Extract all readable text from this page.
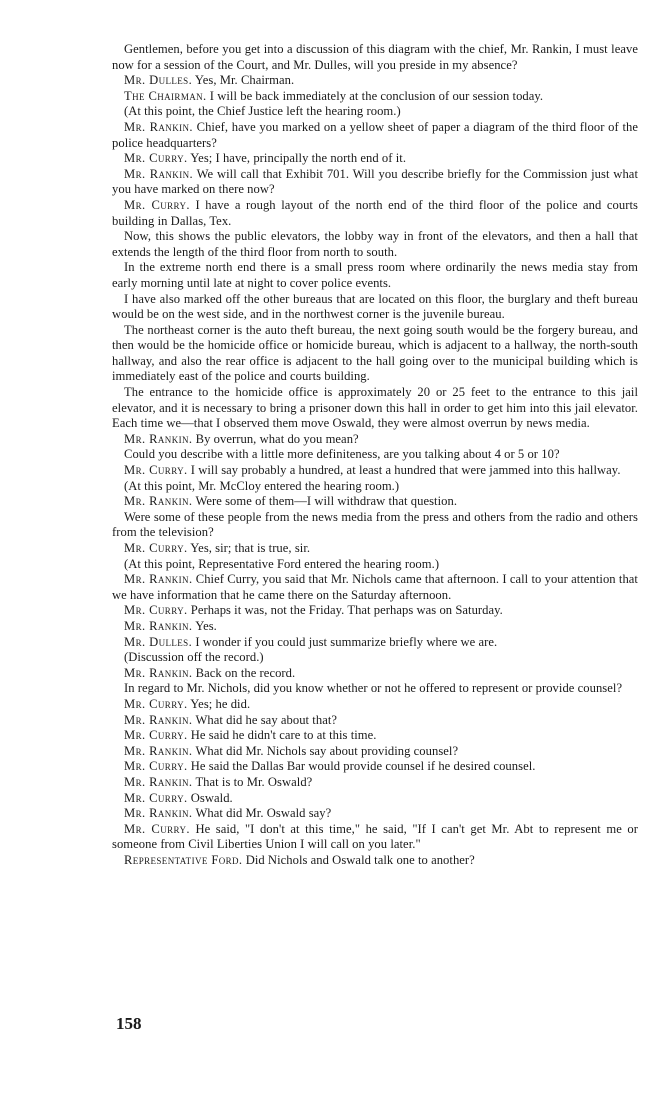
Gentlemen, before you get into a discussion of this diagram with the chief, Mr. Rankin, I must leave now for a session of the Court, and Mr. Dulles, will you preside in my absence?

Mr. Dulles. Yes, Mr. Chairman.

The Chairman. I will be back immediately at the conclusion of our session today.

(At this point, the Chief Justice left the hearing room.)

Mr. Rankin. Chief, have you marked on a yellow sheet of paper a diagram of the third floor of the police headquarters?

Mr. Curry. Yes; I have, principally the north end of it.

Mr. Rankin. We will call that Exhibit 701. Will you describe briefly for the Commission just what you have marked on there now?

Mr. Curry. I have a rough layout of the north end of the third floor of the police and courts building in Dallas, Tex.

Now, this shows the public elevators, the lobby way in front of the elevators, and then a hall that extends the length of the third floor from north to south.

In the extreme north end there is a small press room where ordinarily the news media stay from early morning until late at night to cover police events.

I have also marked off the other bureaus that are located on this floor, the burglary and theft bureau would be on the west side, and in the northwest corner is the juvenile bureau.

The northeast corner is the auto theft bureau, the next going south would be the forgery bureau, and then would be the homicide office or homicide bureau, which is adjacent to a hallway, the north-south hallway, and also the rear office is adjacent to the hall going over to the municipal building which is immediately east of the police and courts building.

The entrance to the homicide office is approximately 20 or 25 feet to the entrance to this jail elevator, and it is necessary to bring a prisoner down this hall in order to get him into this jail elevator. Each time we—that I observed them move Oswald, they were almost overrun by news media.

Mr. Rankin. By overrun, what do you mean?

Could you describe with a little more definiteness, are you talking about 4 or 5 or 10?

Mr. Curry. I will say probably a hundred, at least a hundred that were jammed into this hallway.

(At this point, Mr. McCloy entered the hearing room.)

Mr. Rankin. Were some of them—I will withdraw that question.

Were some of these people from the news media from the press and others from the radio and others from the television?

Mr. Curry. Yes, sir; that is true, sir.

(At this point, Representative Ford entered the hearing room.)

Mr. Rankin. Chief Curry, you said that Mr. Nichols came that afternoon. I call to your attention that we have information that he came there on the Saturday afternoon.

Mr. Curry. Perhaps it was, not the Friday. That perhaps was on Saturday.

Mr. Rankin. Yes.

Mr. Dulles. I wonder if you could just summarize briefly where we are.

(Discussion off the record.)

Mr. Rankin. Back on the record.

In regard to Mr. Nichols, did you know whether or not he offered to represent or provide counsel?

Mr. Curry. Yes; he did.

Mr. Rankin. What did he say about that?

Mr. Curry. He said he didn't care to at this time.

Mr. Rankin. What did Mr. Nichols say about providing counsel?

Mr. Curry. He said the Dallas Bar would provide counsel if he desired counsel.

Mr. Rankin. That is to Mr. Oswald?

Mr. Curry. Oswald.

Mr. Rankin. What did Mr. Oswald say?

Mr. Curry. He said, "I don't at this time," he said, "If I can't get Mr. Abt to represent me or someone from Civil Liberties Union I will call on you later."

Representative Ford. Did Nichols and Oswald talk one to another?

158
